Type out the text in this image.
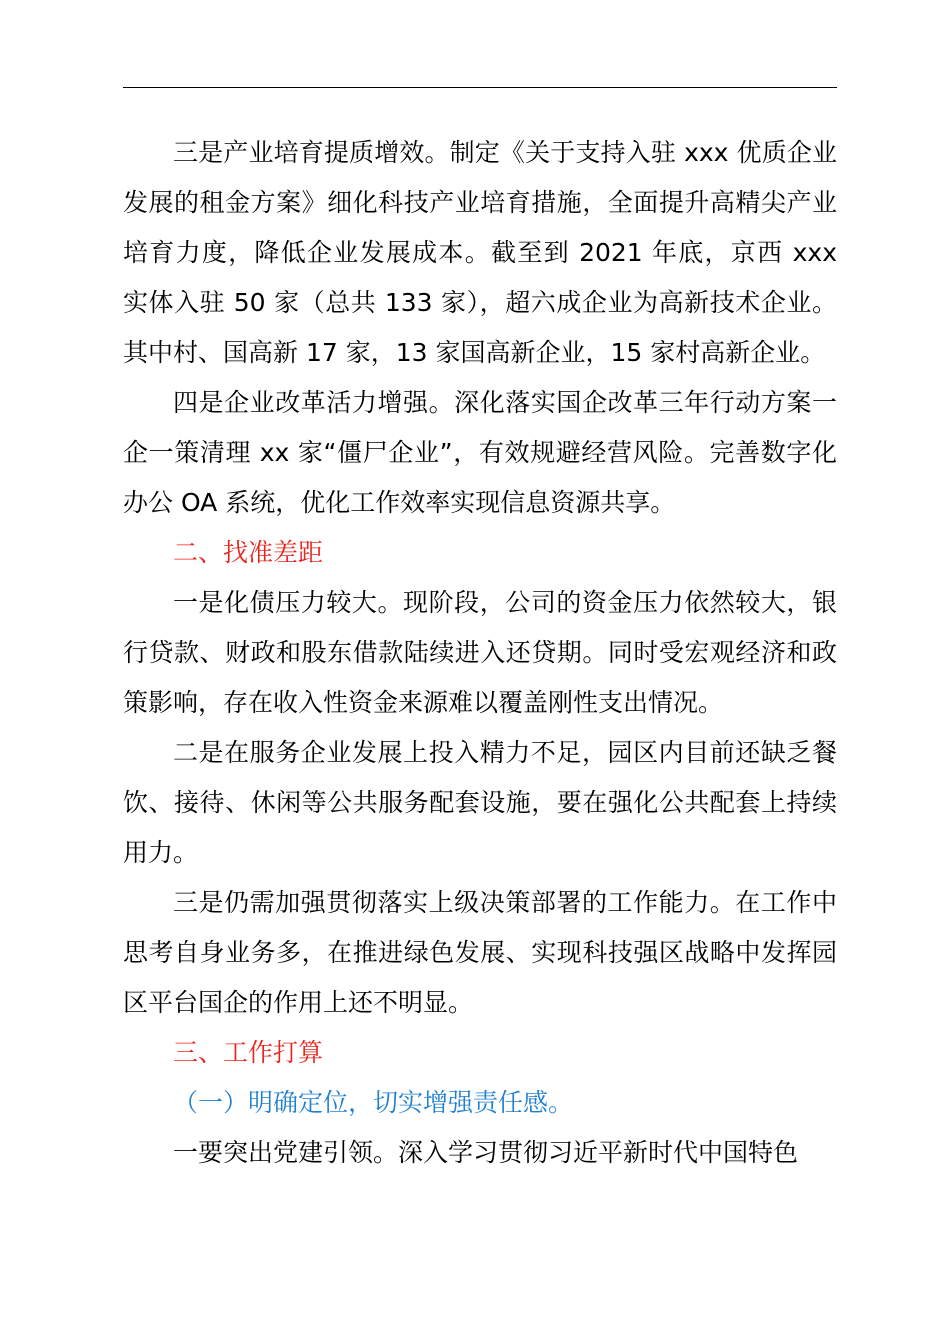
三是产业培育提质增效。制定《关于支持入驻 xxx 优质企业发展的租金方案》细化科技产业培育措施，全面提升高精尖产业培育力度，降低企业发展成本。截至到 2021 年底，京西 xxx 实体入驻 50 家（总共 133 家），超六成企业为高新技术企业。其中村、国高新 17 家，13 家国高新企业，15 家村高新企业。

四是企业改革活力增强。深化落实国企改革三年行动方案一企一策清理 xx 家“僵尸企业”，有效规避经营风险。完善数字化办公 OA 系统，优化工作效率实现信息资源共享。

二、找准差距

一是化债压力较大。现阶段，公司的资金压力依然较大，银行贷款、财政和股东借款陆续进入还贷期。同时受宏观经济和政策影响，存在收入性资金来源难以覆盖刚性支出情况。

二是在服务企业发展上投入精力不足，园区内目前还缺乏餐饮、接待、休闲等公共服务配套设施，要在强化公共配套上持续用力。

三是仍需加强贯彻落实上级决策部署的工作能力。在工作中思考自身业务多，在推进绿色发展、实现科技强区战略中发挥园区平台国企的作用上还不明显。

三、工作打算

（一）明确定位，切实增强责任感。

一要突出党建引领。深入学习贯彻习近平新时代中国特色
